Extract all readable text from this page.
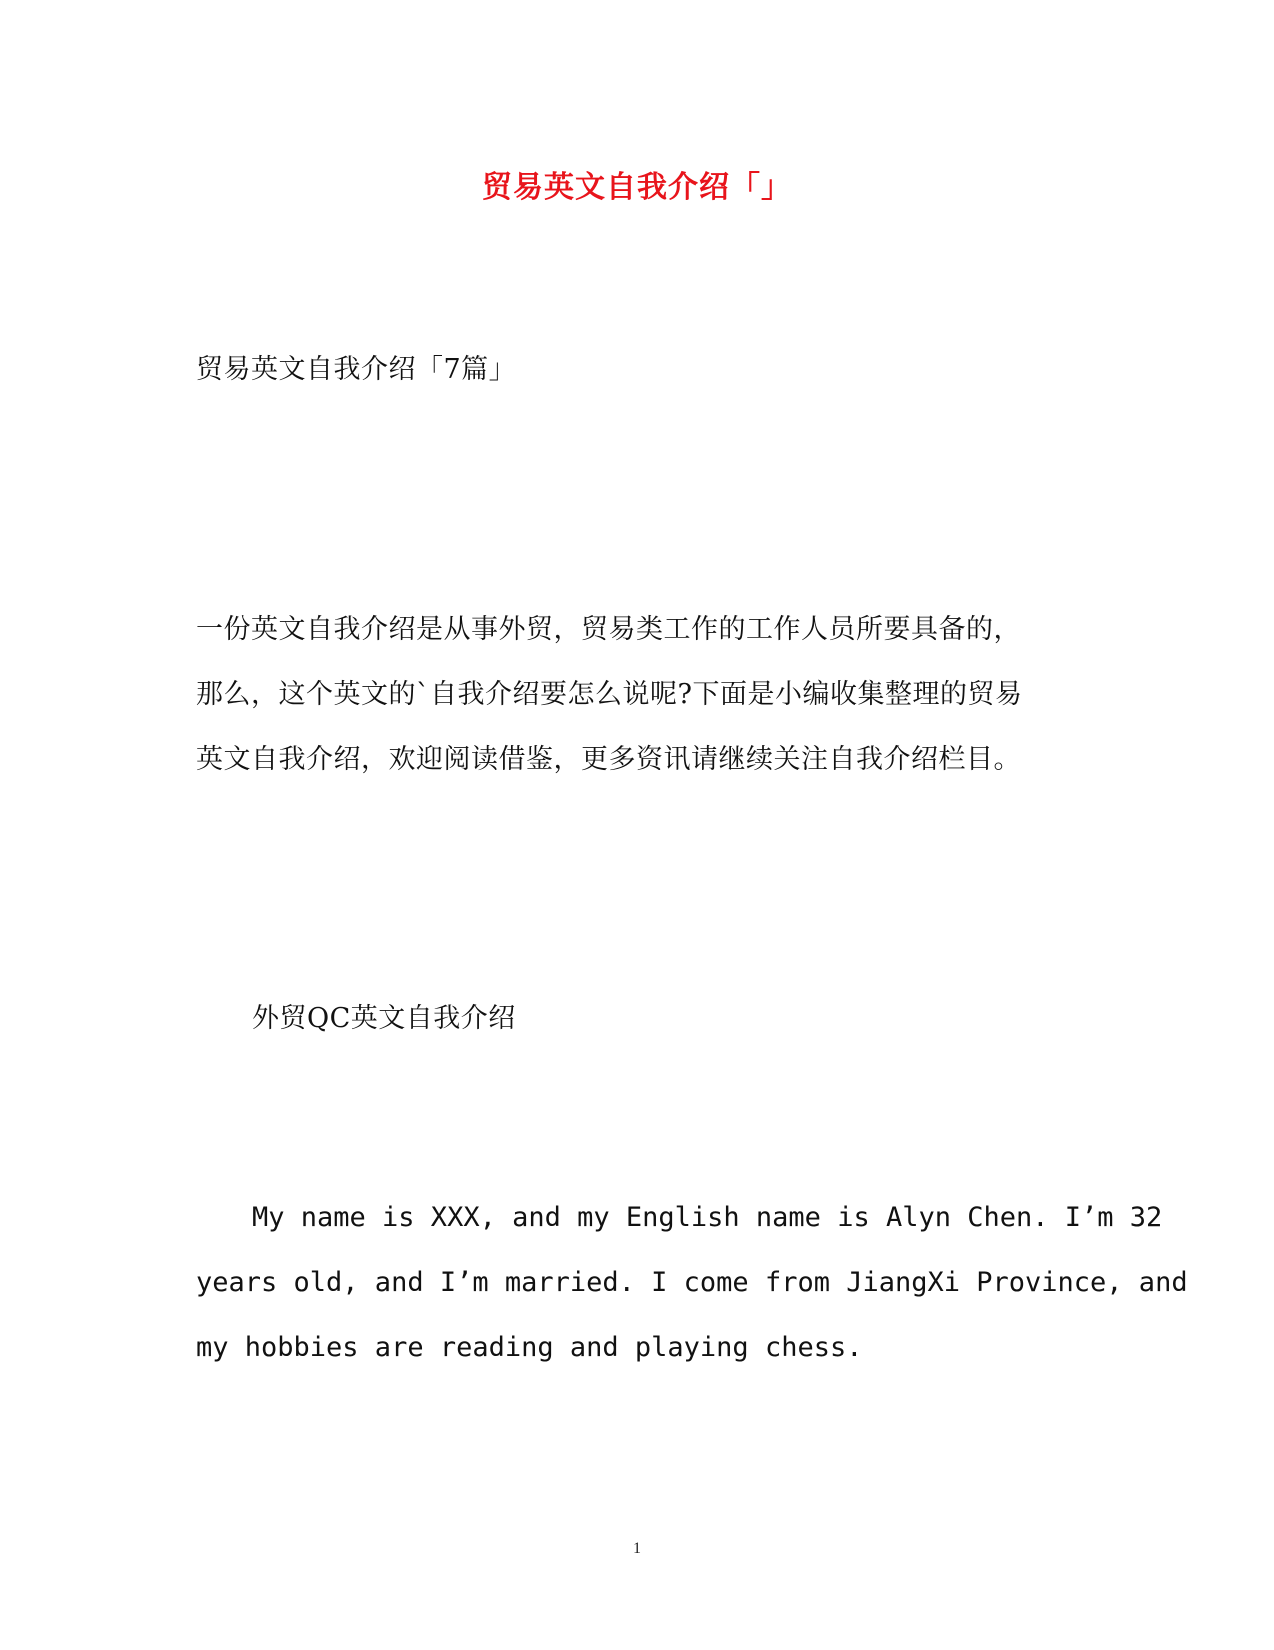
贸易英文自我介绍「」
贸易英文自我介绍「7篇」
一份英文自我介绍是从事外贸，贸易类工作的工作人员所要具备的，
那么，这个英文的`自我介绍要怎么说呢?下面是小编收集整理的贸易
英文自我介绍，欢迎阅读借鉴，更多资讯请继续关注自我介绍栏目。
外贸QC英文自我介绍
My name is XXX, and my English name is Alyn Chen. I’m 32
years old, and I’m married. I come from JiangXi Province, and
my hobbies are reading and playing chess.
1
